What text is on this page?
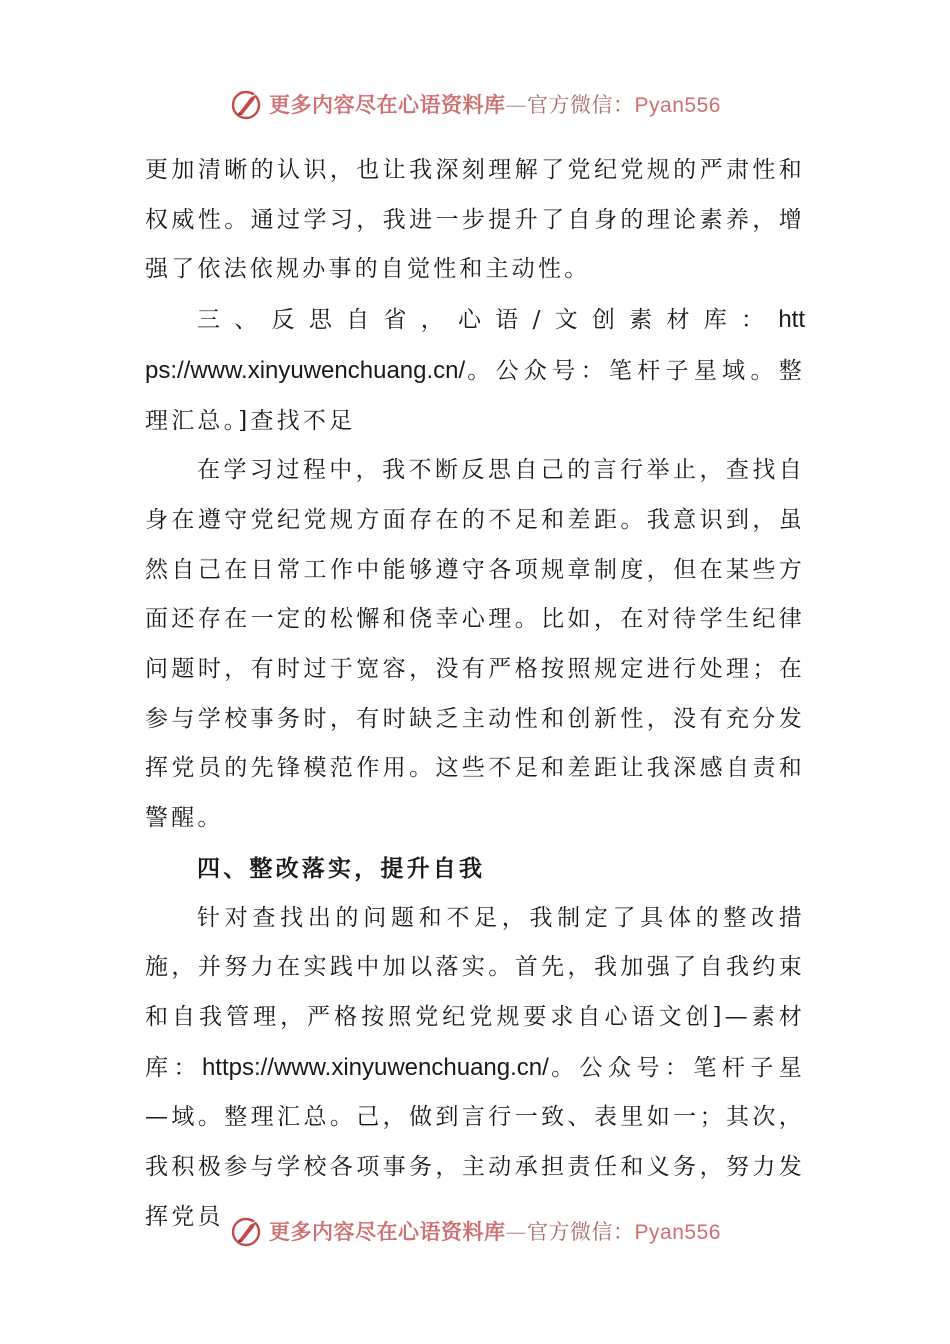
更多内容尽在心语资料库—官方微信：Pyan556

更加清晰的认识，也让我深刻理解了党纪党规的严肃性和权威性。通过学习，我进一步提升了自身的理论素养，增强了依法依规办事的自觉性和主动性。

三、反思自省，心语/文创素材库：https://www.xinyuwenchuang.cn/。公众号：笔杆子星域。整理汇总。]查找不足

在学习过程中，我不断反思自己的言行举止，查找自身在遵守党纪党规方面存在的不足和差距。我意识到，虽然自己在日常工作中能够遵守各项规章制度，但在某些方面还存在一定的松懈和侥幸心理。比如，在对待学生纪律问题时，有时过于宽容，没有严格按照规定进行处理；在参与学校事务时，有时缺乏主动性和创新性，没有充分发挥党员的先锋模范作用。这些不足和差距让我深感自责和警醒。

四、整改落实，提升自我

针对查找出的问题和不足，我制定了具体的整改措施，并努力在实践中加以落实。首先，我加强了自我约束和自我管理，严格按照党纪党规要求自心语文创]—素材库：https://www.xinyuwenchuang.cn/。公众号：笔杆子星—域。整理汇总。己，做到言行一致、表里如一；其次，我积极参与学校各项事务，主动承担责任和义务，努力发挥党员

更多内容尽在心语资料库—官方微信：Pyan556
